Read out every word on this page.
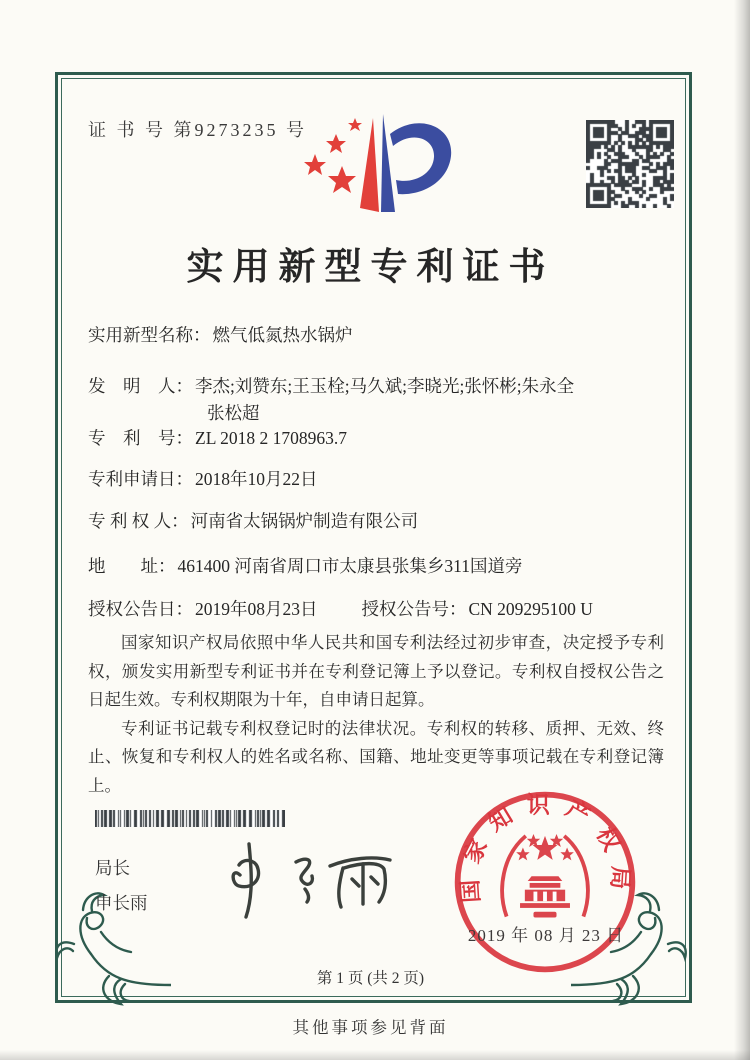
证 书 号 第9273235 号
实用新型专利证书
实用新型名称： 燃气低氮热水锅炉
发　明　人： 李杰;刘赞东;王玉栓;马久斌;李晓光;张怀彬;朱永全
张松超
专　利　号： ZL 2018 2 1708963.7
专利申请日： 2018年10月22日
专 利 权 人： 河南省太锅锅炉制造有限公司
地　　址： 461400 河南省周口市太康县张集乡311国道旁
授权公告日： 2019年08月23日	授权公告号： CN 209295100 U

国家知识产权局依照中华人民共和国专利法经过初步审查，决定授予专利权，颁发实用新型专利证书并在专利登记簿上予以登记。专利权自授权公告之日起生效。专利权期限为十年，自申请日起算。

专利证书记载专利权登记时的法律状况。专利权的转移、质押、无效、终止、恢复和专利权人的姓名或名称、国籍、地址变更等事项记载在专利登记簿上。

局长
申长雨	国家知识产权局
2019 年 08 月 23 日
第 1 页 (共 2 页)
其他事项参见背面
